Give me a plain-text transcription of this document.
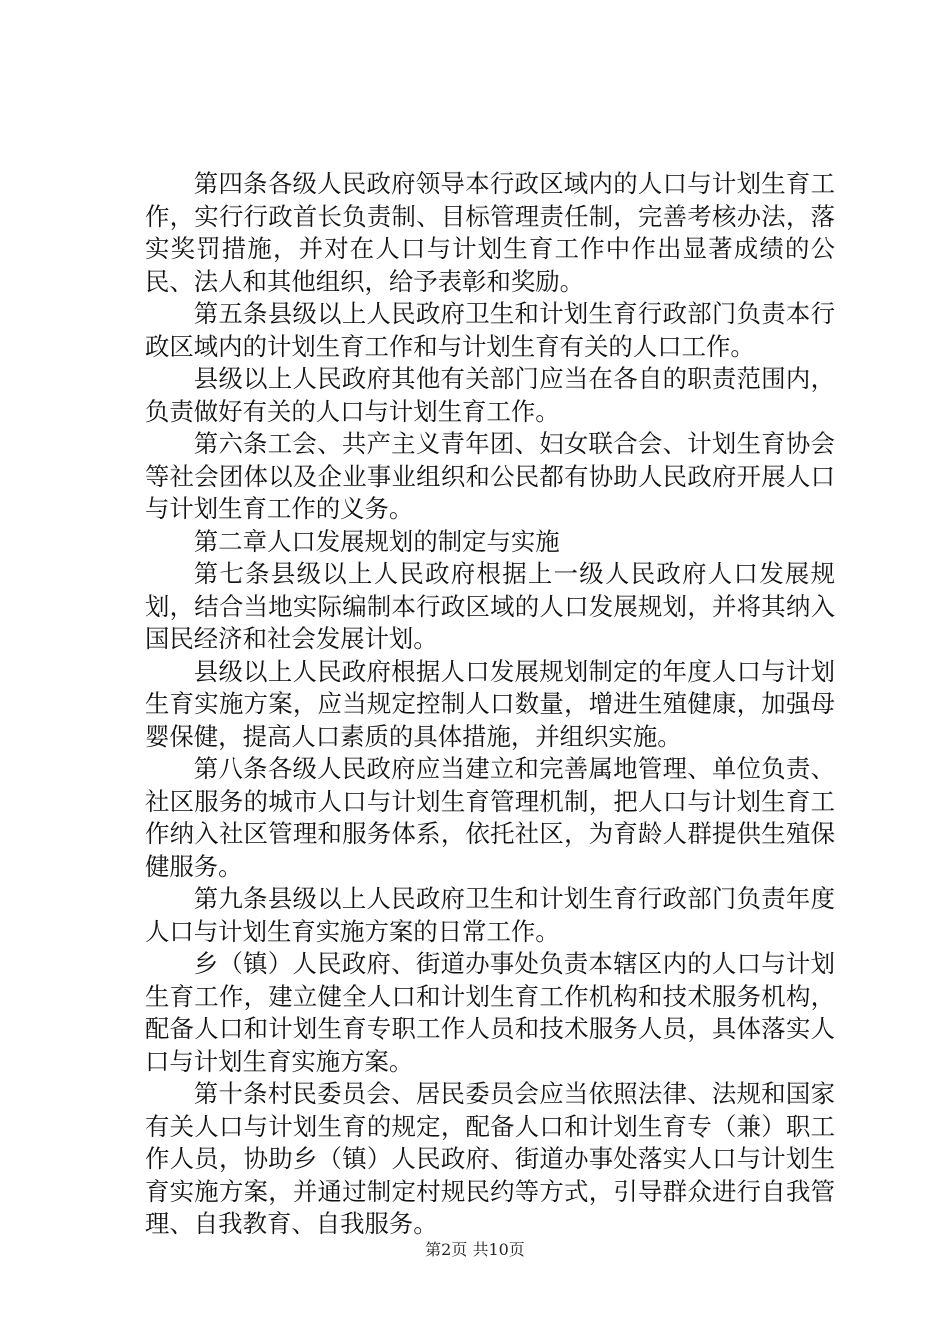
第四条各级人民政府领导本行政区域内的人口与计划生育工作，实行行政首长负责制、目标管理责任制，完善考核办法，落实奖罚措施，并对在人口与计划生育工作中作出显著成绩的公民、法人和其他组织，给予表彰和奖励。

第五条县级以上人民政府卫生和计划生育行政部门负责本行政区域内的计划生育工作和与计划生育有关的人口工作。

县级以上人民政府其他有关部门应当在各自的职责范围内，负责做好有关的人口与计划生育工作。

第六条工会、共产主义青年团、妇女联合会、计划生育协会等社会团体以及企业事业组织和公民都有协助人民政府开展人口与计划生育工作的义务。

第二章人口发展规划的制定与实施

第七条县级以上人民政府根据上一级人民政府人口发展规划，结合当地实际编制本行政区域的人口发展规划，并将其纳入国民经济和社会发展计划。

县级以上人民政府根据人口发展规划制定的年度人口与计划生育实施方案，应当规定控制人口数量，增进生殖健康，加强母婴保健，提高人口素质的具体措施，并组织实施。

第八条各级人民政府应当建立和完善属地管理、单位负责、社区服务的城市人口与计划生育管理机制，把人口与计划生育工作纳入社区管理和服务体系，依托社区，为育龄人群提供生殖保健服务。

第九条县级以上人民政府卫生和计划生育行政部门负责年度人口与计划生育实施方案的日常工作。

乡（镇）人民政府、街道办事处负责本辖区内的人口与计划生育工作，建立健全人口和计划生育工作机构和技术服务机构，配备人口和计划生育专职工作人员和技术服务人员，具体落实人口与计划生育实施方案。

第十条村民委员会、居民委员会应当依照法律、法规和国家有关人口与计划生育的规定，配备人口和计划生育专（兼）职工作人员，协助乡（镇）人民政府、街道办事处落实人口与计划生育实施方案，并通过制定村规民约等方式，引导群众进行自我管理、自我教育、自我服务。

第2页 共10页
